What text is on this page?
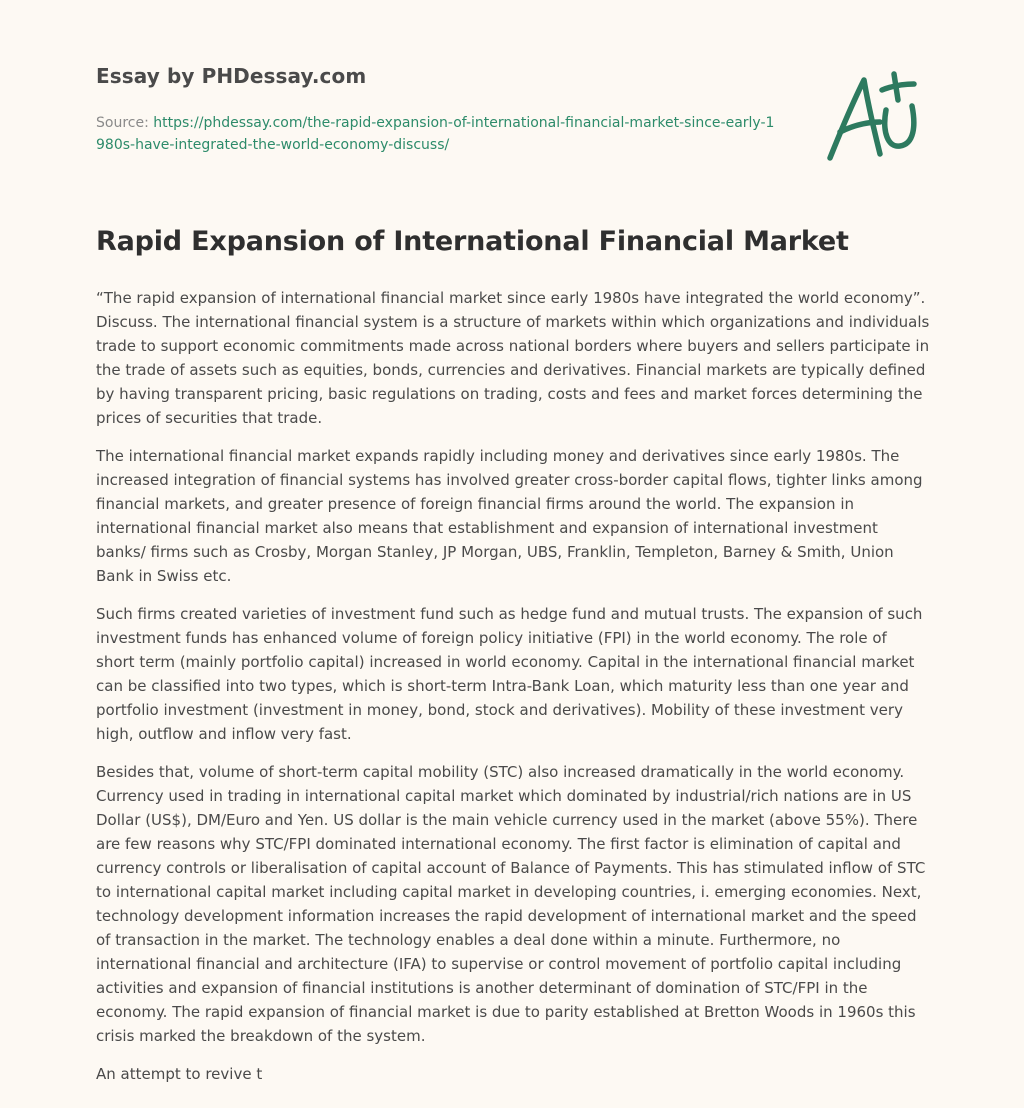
Essay by PHDessay.com
Source: https://phdessay.com/the-rapid-expansion-of-international-financial-market-since-early-1980s-have-integrated-the-world-economy-discuss/
Rapid Expansion of International Financial Market

“The rapid expansion of international financial market since early 1980s have integrated the world economy”. Discuss. The international financial system is a structure of markets within which organizations and individuals trade to support economic commitments made across national borders where buyers and sellers participate in the trade of assets such as equities, bonds, currencies and derivatives. Financial markets are typically defined by having transparent pricing, basic regulations on trading, costs and fees and market forces determining the prices of securities that trade.

The international financial market expands rapidly including money and derivatives since early 1980s. The increased integration of financial systems has involved greater cross-border capital flows, tighter links among financial markets, and greater presence of foreign financial firms around the world. The expansion in international financial market also means that establishment and expansion of international investment banks/ firms such as Crosby, Morgan Stanley, JP Morgan, UBS, Franklin, Templeton, Barney & Smith, Union Bank in Swiss etc.

Such firms created varieties of investment fund such as hedge fund and mutual trusts. The expansion of such investment funds has enhanced volume of foreign policy initiative (FPI) in the world economy. The role of short term (mainly portfolio capital) increased in world economy. Capital in the international financial market can be classified into two types, which is short-term Intra-Bank Loan, which maturity less than one year and portfolio investment (investment in money, bond, stock and derivatives). Mobility of these investment very high, outflow and inflow very fast.

Besides that, volume of short-term capital mobility (STC) also increased dramatically in the world economy. Currency used in trading in international capital market which dominated by industrial/rich nations are in US Dollar (US$), DM/Euro and Yen. US dollar is the main vehicle currency used in the market (above 55%). There are few reasons why STC/FPI dominated international economy. The first factor is elimination of capital and currency controls or liberalisation of capital account of Balance of Payments. This has stimulated inflow of STC to international capital market including capital market in developing countries, i. emerging economies. Next, technology development information increases the rapid development of international market and the speed of transaction in the market. The technology enables a deal done within a minute. Furthermore, no international financial and architecture (IFA) to supervise or control movement of portfolio capital including activities and expansion of financial institutions is another determinant of domination of STC/FPI in the economy. The rapid expansion of financial market is due to parity established at Bretton Woods in 1960s this crisis marked the breakdown of the system.

An attempt to revive t
